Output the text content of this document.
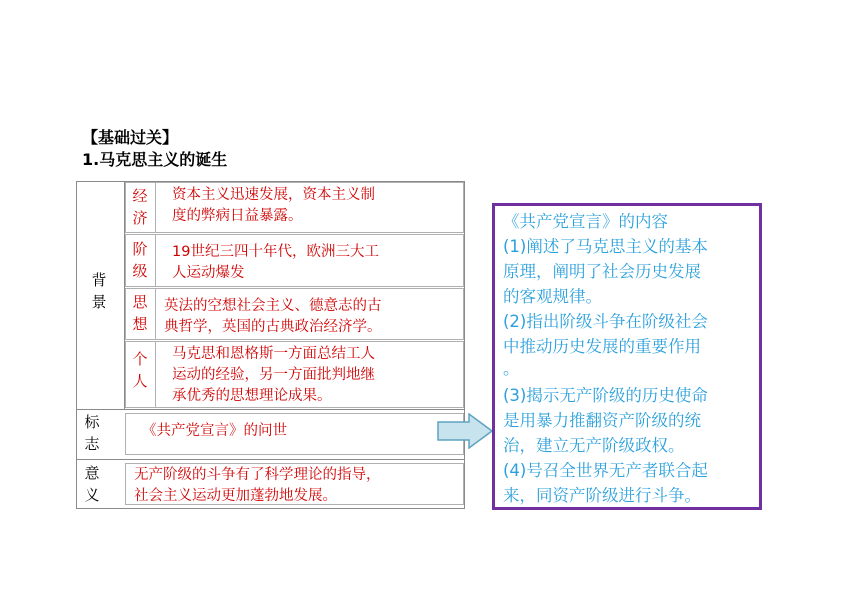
【基础过关】
1.马克思主义的诞生
背
景
经
济
资本主义迅速发展，资本主义制
度的弊病日益暴露。
阶
级
19世纪三四十年代，欧洲三大工
人运动爆发
思
想
英法的空想社会主义、德意志的古
典哲学，英国的古典政治经济学。
个
人
马克思和恩格斯一方面总结工人
运动的经验，另一方面批判地继
承优秀的思想理论成果。
标
志
《共产党宣言》的问世
意
义
无产阶级的斗争有了科学理论的指导，
社会主义运动更加蓬勃地发展。
《共产党宣言》的内容
(1)阐述了马克思主义的基本
原理，阐明了社会历史发展
的客观规律。
(2)指出阶级斗争在阶级社会
中推动历史发展的重要作用
。
(3)揭示无产阶级的历史使命
是用暴力推翻资产阶级的统
治，建立无产阶级政权。
(4)号召全世界无产者联合起
来，同资产阶级进行斗争。
